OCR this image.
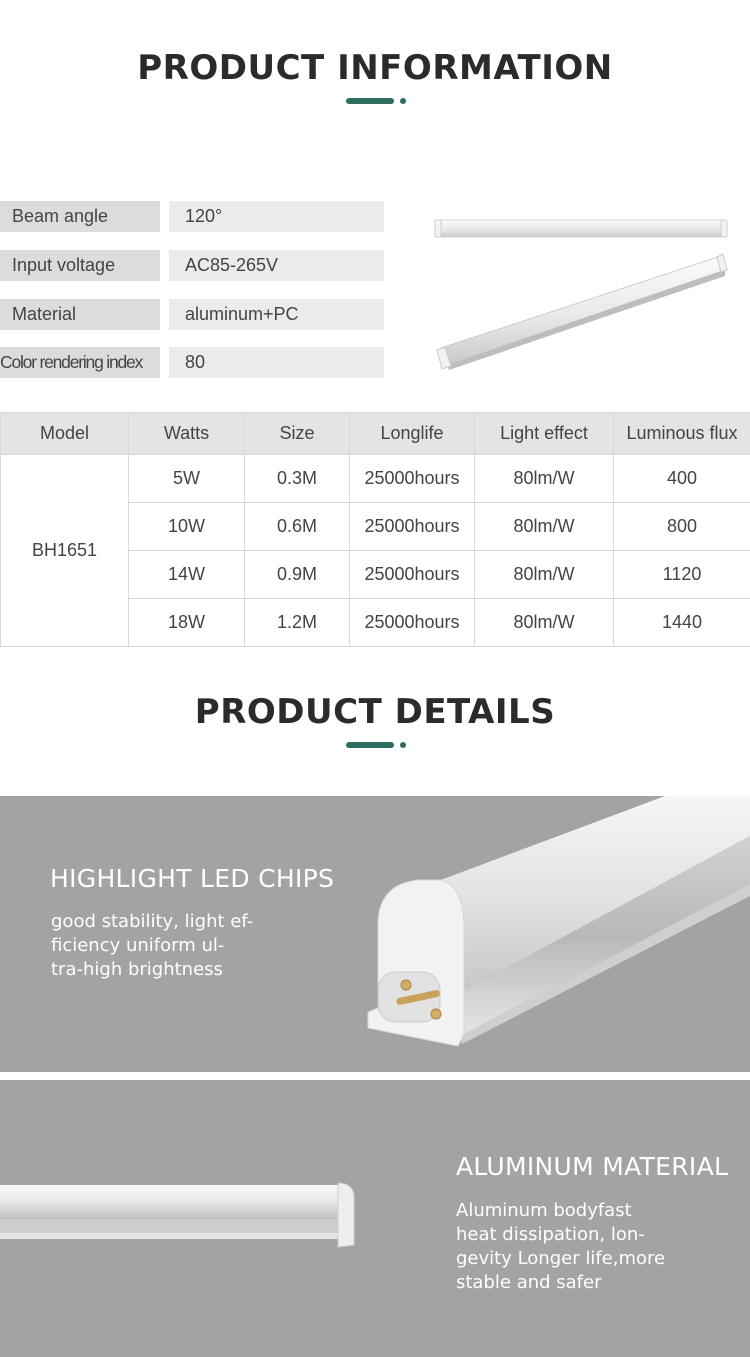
PRODUCT INFORMATION
Beam angle	120°
Input voltage	AC85-265V
Material	aluminum+PC
Color rendering index	80
Model	Watts	Size	Longlife	Light effect	Luminous flux
BH1651	5W	0.3M	25000hours	80lm/W	400
	10W	0.6M	25000hours	80lm/W	800
	14W	0.9M	25000hours	80lm/W	1120
	18W	1.2M	25000hours	80lm/W	1440
PRODUCT DETAILS
HIGHLIGHT LED CHIPS
good stability, light ef-
ficiency uniform ul-
tra-high brightness
ALUMINUM MATERIAL
Aluminum bodyfast
heat dissipation, lon-
gevity Longer life,more
stable and safer
